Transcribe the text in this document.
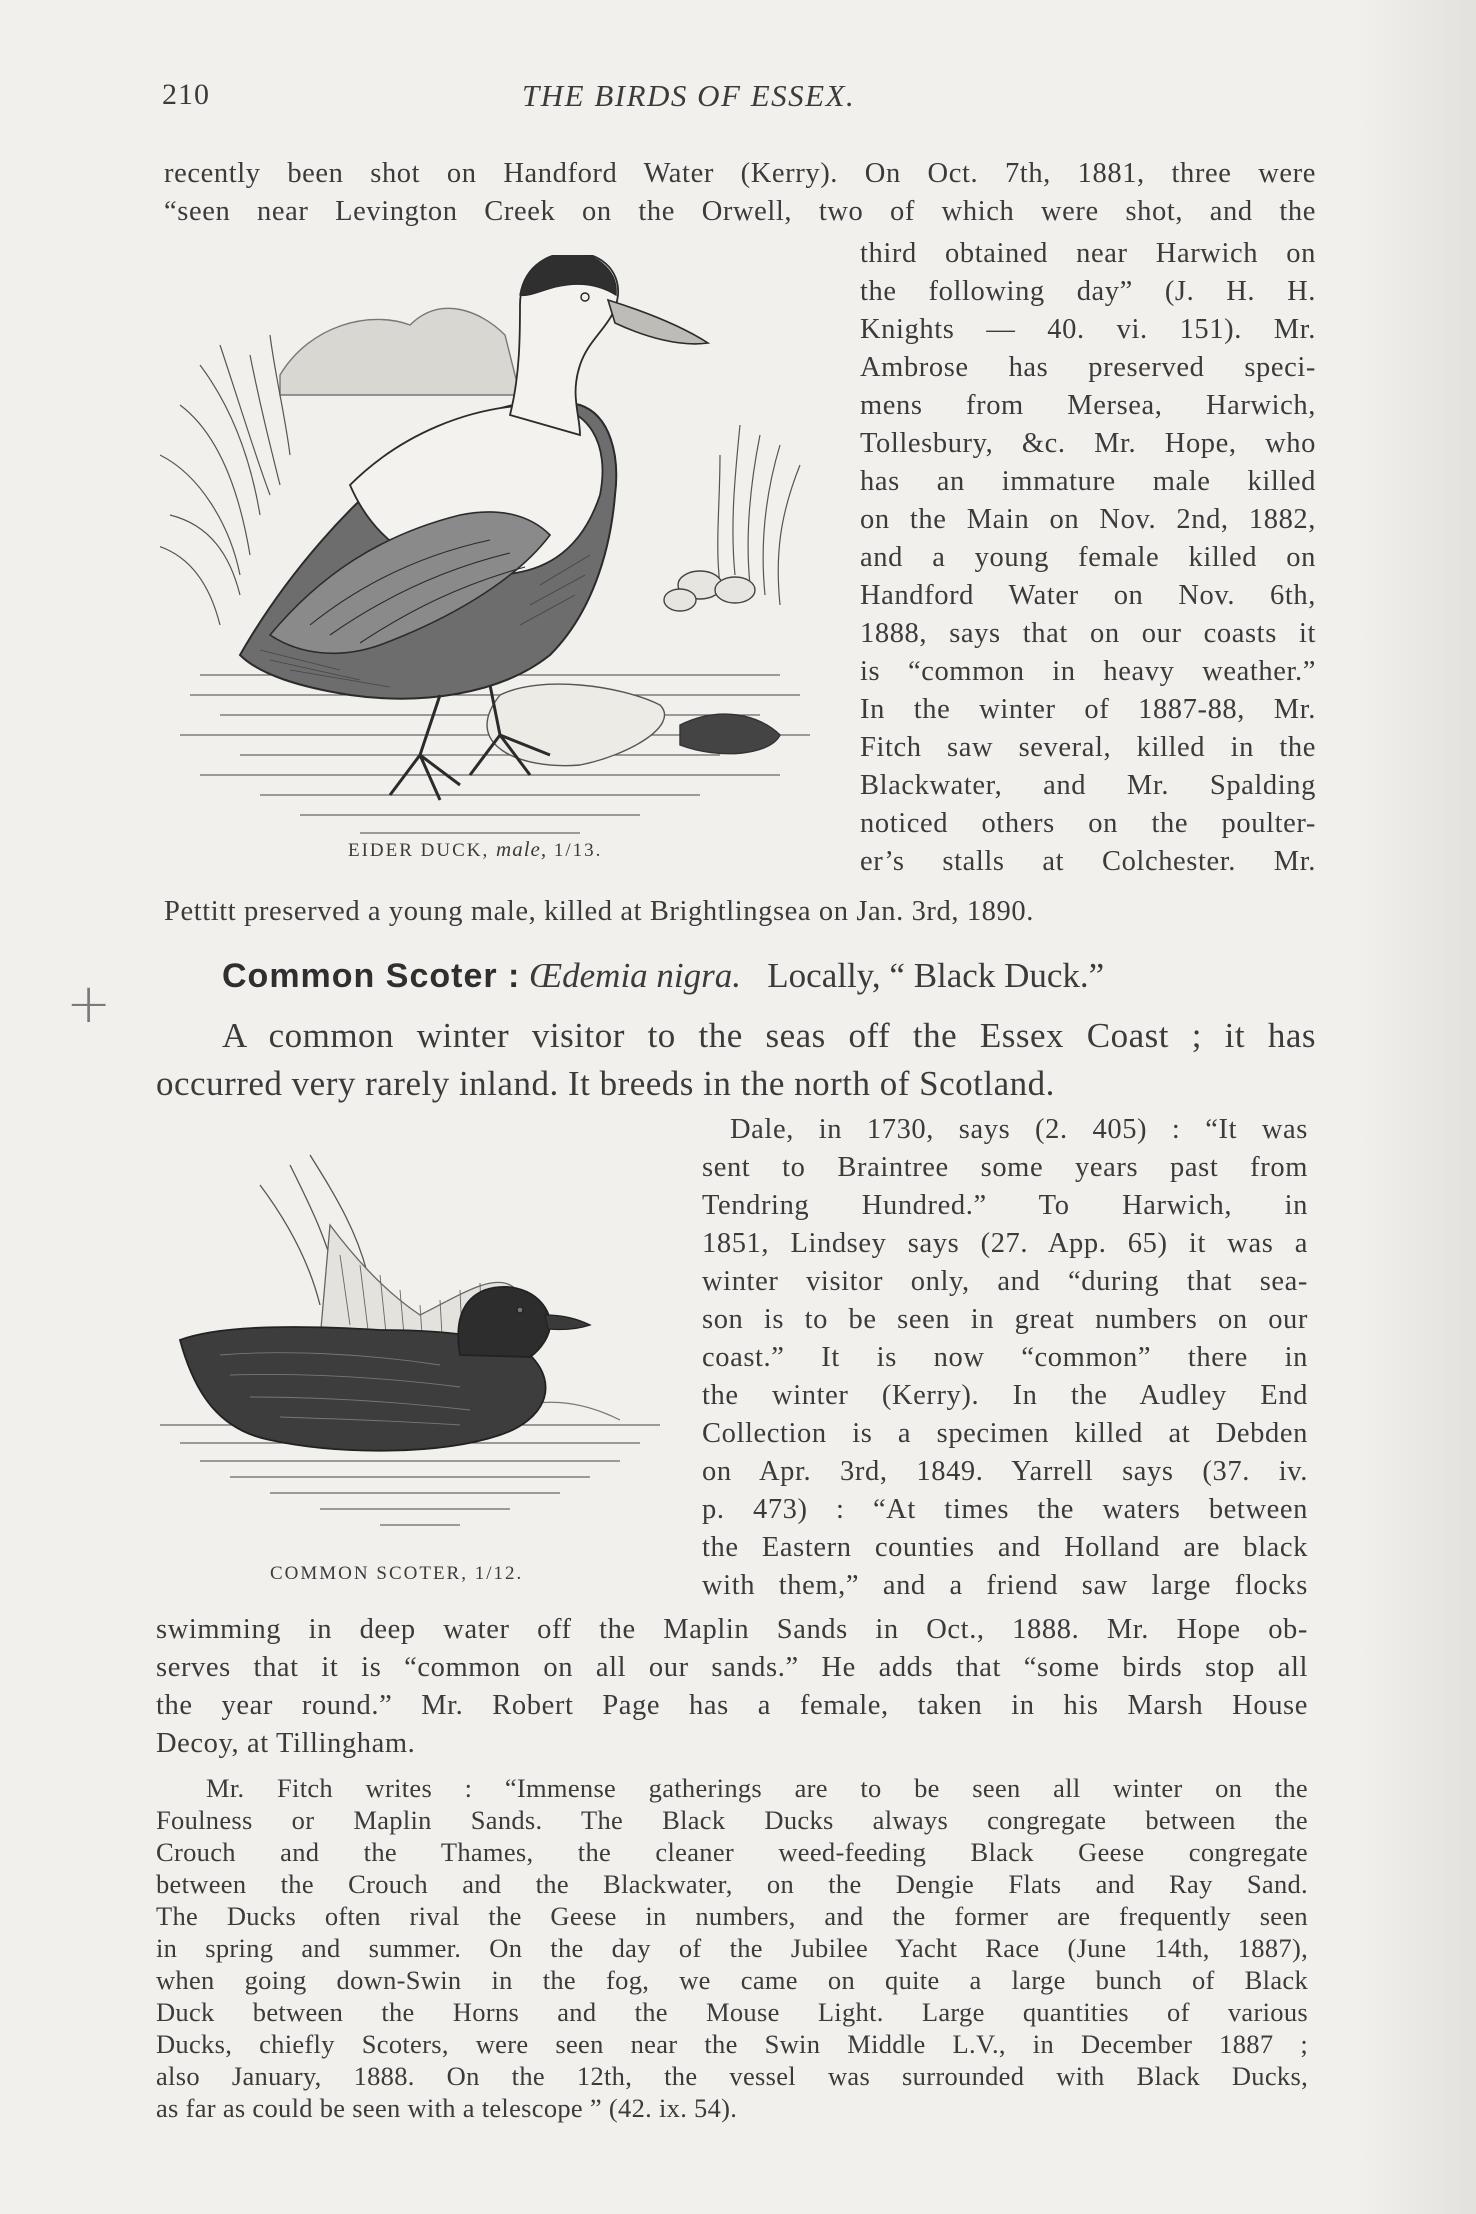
210	THE BIRDS OF ESSEX.
recently been shot on Handford Water (Kerry). On Oct. 7th, 1881, three were
“seen near Levington Creek on the Orwell, two of which were shot, and the
third obtained near Harwich on
the following day” (J. H. H.
Knights — 40. vi. 151). Mr.
Ambrose has preserved speci-
mens from Mersea, Harwich,
Tollesbury, &c. Mr. Hope, who
has an immature male killed
on the Main on Nov. 2nd, 1882,
and a young female killed on
Handford Water on Nov. 6th,
1888, says that on our coasts it
is “common in heavy weather.”
In the winter of 1887-88, Mr.
Fitch saw several, killed in the
Blackwater, and Mr. Spalding
noticed others on the poulter-
er’s stalls at Colchester. Mr.
Pettitt preserved a young male, killed at Brightlingsea on Jan. 3rd, 1890.
EIDER DUCK, male, 1/13.
+	Common Scoter : Œdemia nigra. Locally, “ Black Duck.”
A common winter visitor to the seas off the Essex Coast ; it has
occurred very rarely inland. It breeds in the north of Scotland.
Dale, in 1730, says (2. 405) : “It was
sent to Braintree some years past from
Tendring Hundred.” To Harwich, in
1851, Lindsey says (27. App. 65) it was a
winter visitor only, and “during that sea-
son is to be seen in great numbers on our
coast.” It is now “common” there in
the winter (Kerry). In the Audley End
Collection is a specimen killed at Debden
on Apr. 3rd, 1849. Yarrell says (37. iv.
p. 473) : “At times the waters between
the Eastern counties and Holland are black
with them,” and a friend saw large flocks
COMMON SCOTER, 1/12.
swimming in deep water off the Maplin Sands in Oct., 1888. Mr. Hope ob-
serves that it is “common on all our sands.” He adds that “some birds stop all
the year round.” Mr. Robert Page has a female, taken in his Marsh House
Decoy, at Tillingham.
Mr. Fitch writes : “Immense gatherings are to be seen all winter on the
Foulness or Maplin Sands. The Black Ducks always congregate between the
Crouch and the Thames, the cleaner weed-feeding Black Geese congregate
between the Crouch and the Blackwater, on the Dengie Flats and Ray Sand.
The Ducks often rival the Geese in numbers, and the former are frequently seen
in spring and summer. On the day of the Jubilee Yacht Race (June 14th, 1887),
when going down-Swin in the fog, we came on quite a large bunch of Black
Duck between the Horns and the Mouse Light. Large quantities of various
Ducks, chiefly Scoters, were seen near the Swin Middle L.V., in December 1887 ;
also January, 1888. On the 12th, the vessel was surrounded with Black Ducks,
as far as could be seen with a telescope ” (42. ix. 54).
